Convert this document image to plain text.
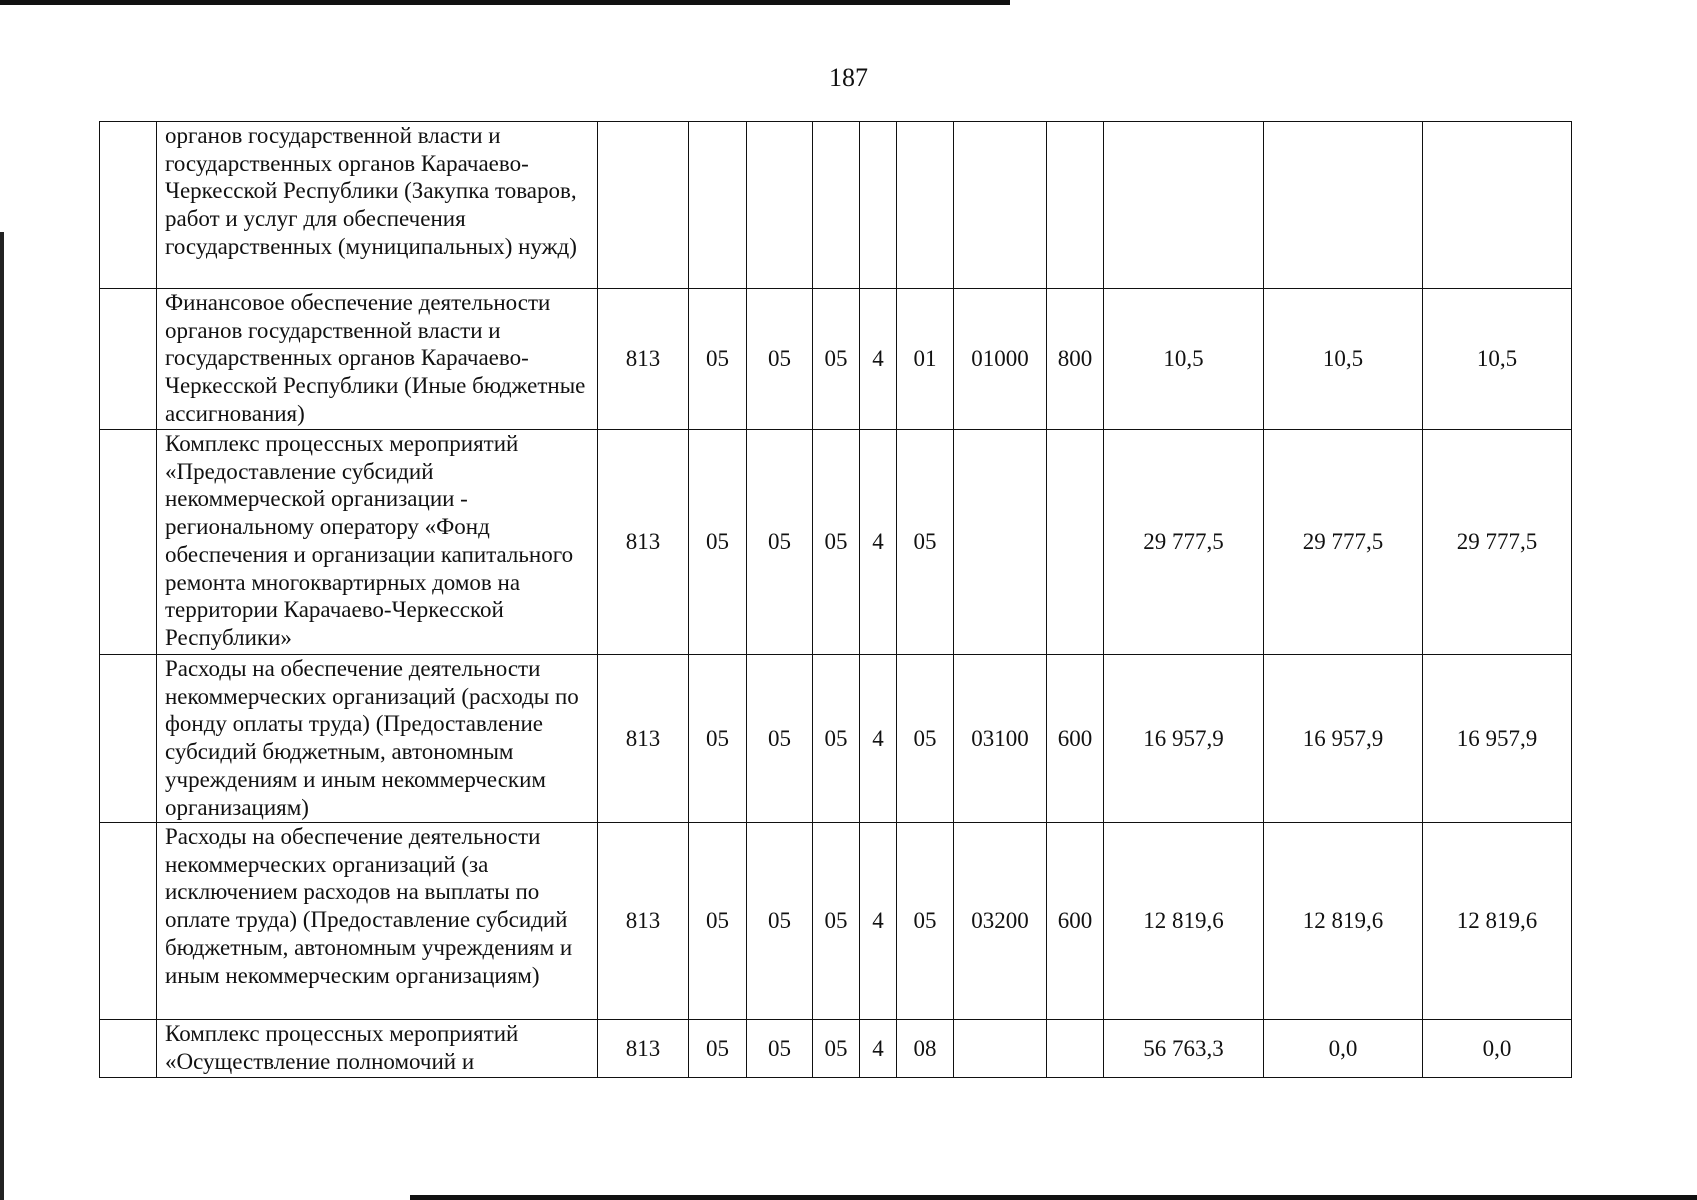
187
	органов государственной власти и государственных органов Карачаево-Черкесской Республики (Закупка товаров, работ и услуг для обеспечения государственных (муниципальных) нужд)											
	Финансовое обеспечение деятельности органов государственной власти и государственных органов Карачаево-Черкесской Республики (Иные бюджетные ассигнования)	813	05	05	05	4	01	01000	800	10,5	10,5	10,5
	Комплекс процессных мероприятий «Предоставление субсидий некоммерческой организации - региональному оператору «Фонд обеспечения и организации капитального ремонта многоквартирных домов на территории Карачаево-Черкесской Республики»	813	05	05	05	4	05			29 777,5	29 777,5	29 777,5
	Расходы на обеспечение деятельности некоммерческих организаций (расходы по фонду оплаты труда) (Предоставление субсидий бюджетным, автономным учреждениям и иным некоммерческим организациям)	813	05	05	05	4	05	03100	600	16 957,9	16 957,9	16 957,9
	Расходы на обеспечение деятельности некоммерческих организаций (за исключением расходов на выплаты по оплате труда) (Предоставление субсидий бюджетным, автономным учреждениям и иным некоммерческим организациям)	813	05	05	05	4	05	03200	600	12 819,6	12 819,6	12 819,6
	Комплекс процессных мероприятий «Осуществление полномочий и	813	05	05	05	4	08			56 763,3	0,0	0,0
